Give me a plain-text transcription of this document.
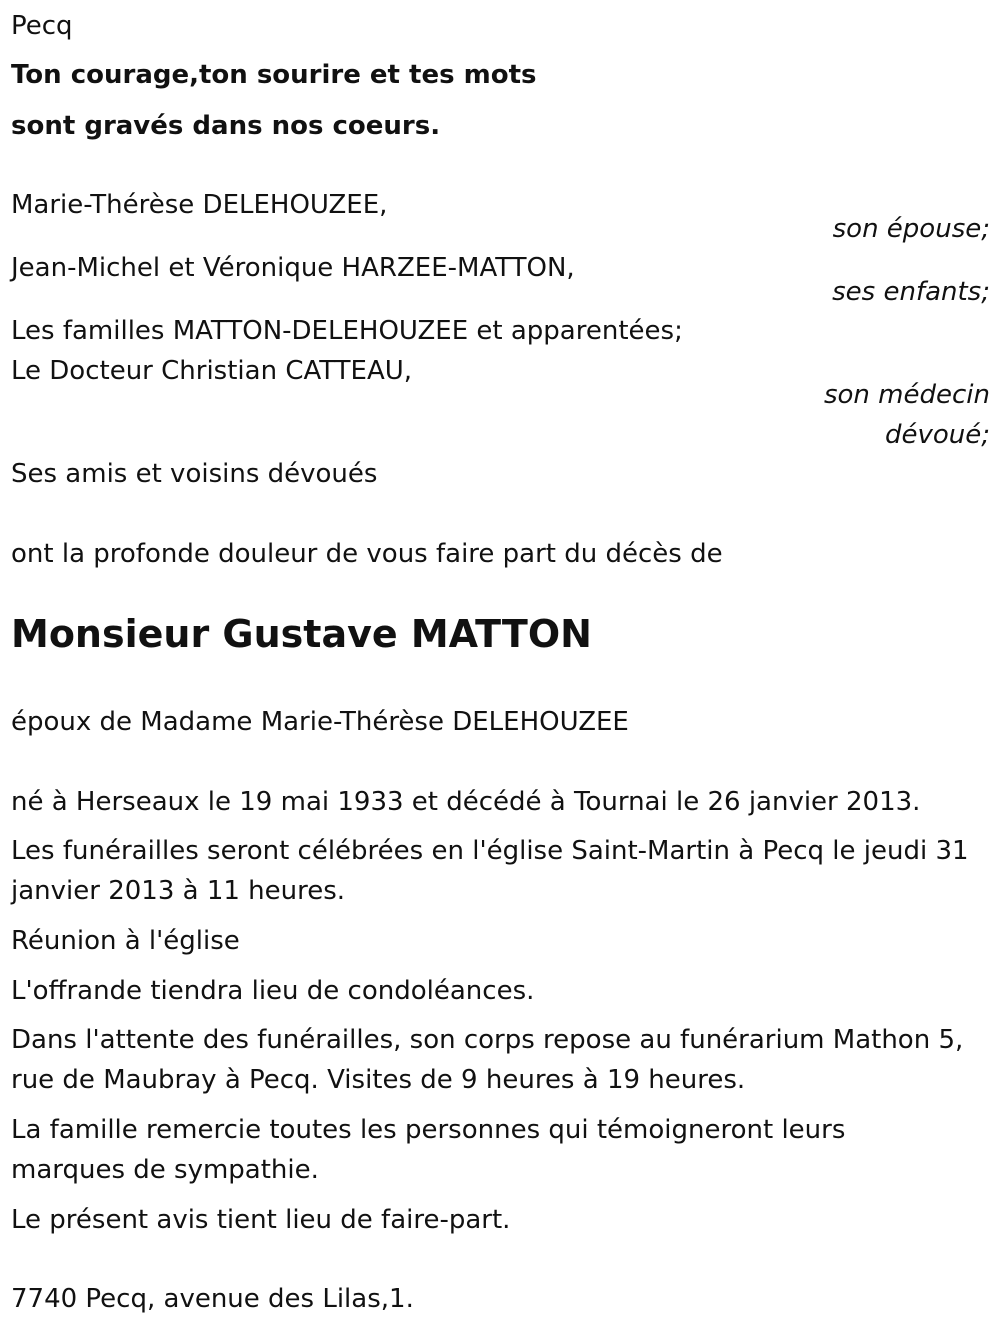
Pecq
Ton courage,ton sourire et tes mots
sont gravés dans nos coeurs.
Marie-Thérèse DELEHOUZEE,
son épouse;
Jean-Michel et Véronique HARZEE-MATTON,
ses enfants;
Les familles MATTON-DELEHOUZEE et apparentées;
Le Docteur Christian CATTEAU,
son médecin
dévoué;
Ses amis et voisins dévoués
ont la profonde douleur de vous faire part du décès de
Monsieur Gustave MATTON
époux de Madame Marie-Thérèse DELEHOUZEE
né à Herseaux le 19 mai 1933 et décédé à Tournai le 26 janvier 2013.
Les funérailles seront célébrées en l'église Saint-Martin à Pecq le jeudi 31
janvier 2013 à 11 heures.
Réunion à l'église
L'offrande tiendra lieu de condoléances.
Dans l'attente des funérailles, son corps repose au funérarium Mathon 5,
rue de Maubray à Pecq. Visites de 9 heures à 19 heures.
La famille remercie toutes les personnes qui témoigneront leurs
marques de sympathie.
Le présent avis tient lieu de faire-part.
7740 Pecq, avenue des Lilas,1.
